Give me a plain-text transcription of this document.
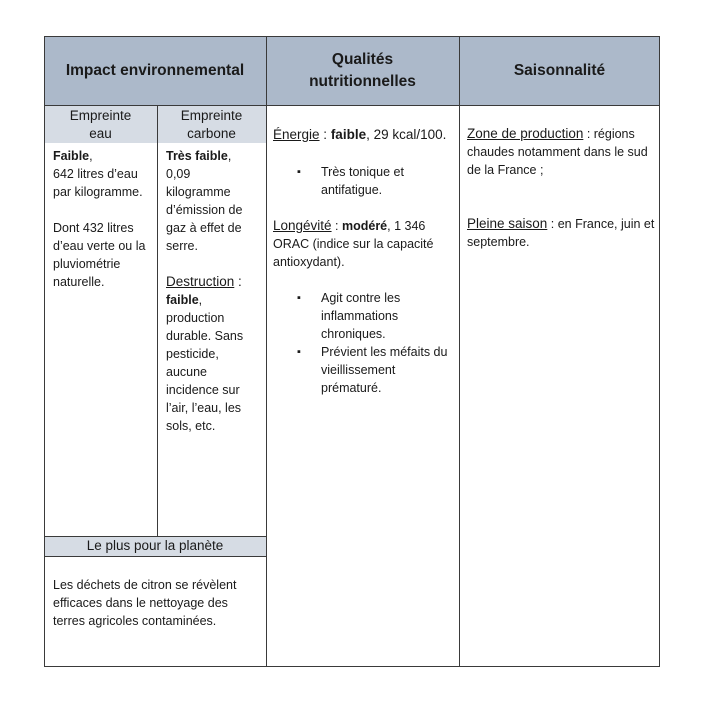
Impact environnemental
Qualités nutritionnelles
Saisonnalité
Empreinte eau
Empreinte carbone
Faible,
642 litres d’eau par kilogramme.
Dont 432 litres d’eau verte ou la pluviométrie naturelle.
Très faible,
0,09 kilogramme d’émission de gaz à effet de serre.
Destruction :
faible,
production durable. Sans pesticide, aucune incidence sur l’air, l’eau, les sols, etc.
Le plus pour la planète
Les déchets de citron se révèlent efficaces dans le nettoyage des terres agricoles contaminées.
Énergie : faible, 29 kcal/100.
▪ Très tonique et antifatigue.
Longévité : modéré, 1 346 ORAC (indice sur la capacité antioxydant).
▪ Agit contre les inflammations chroniques.
▪ Prévient les méfaits du vieillissement prématuré.
Zone de production : régions chaudes notamment dans le sud de la France ;
Pleine saison : en France, juin et septembre.
